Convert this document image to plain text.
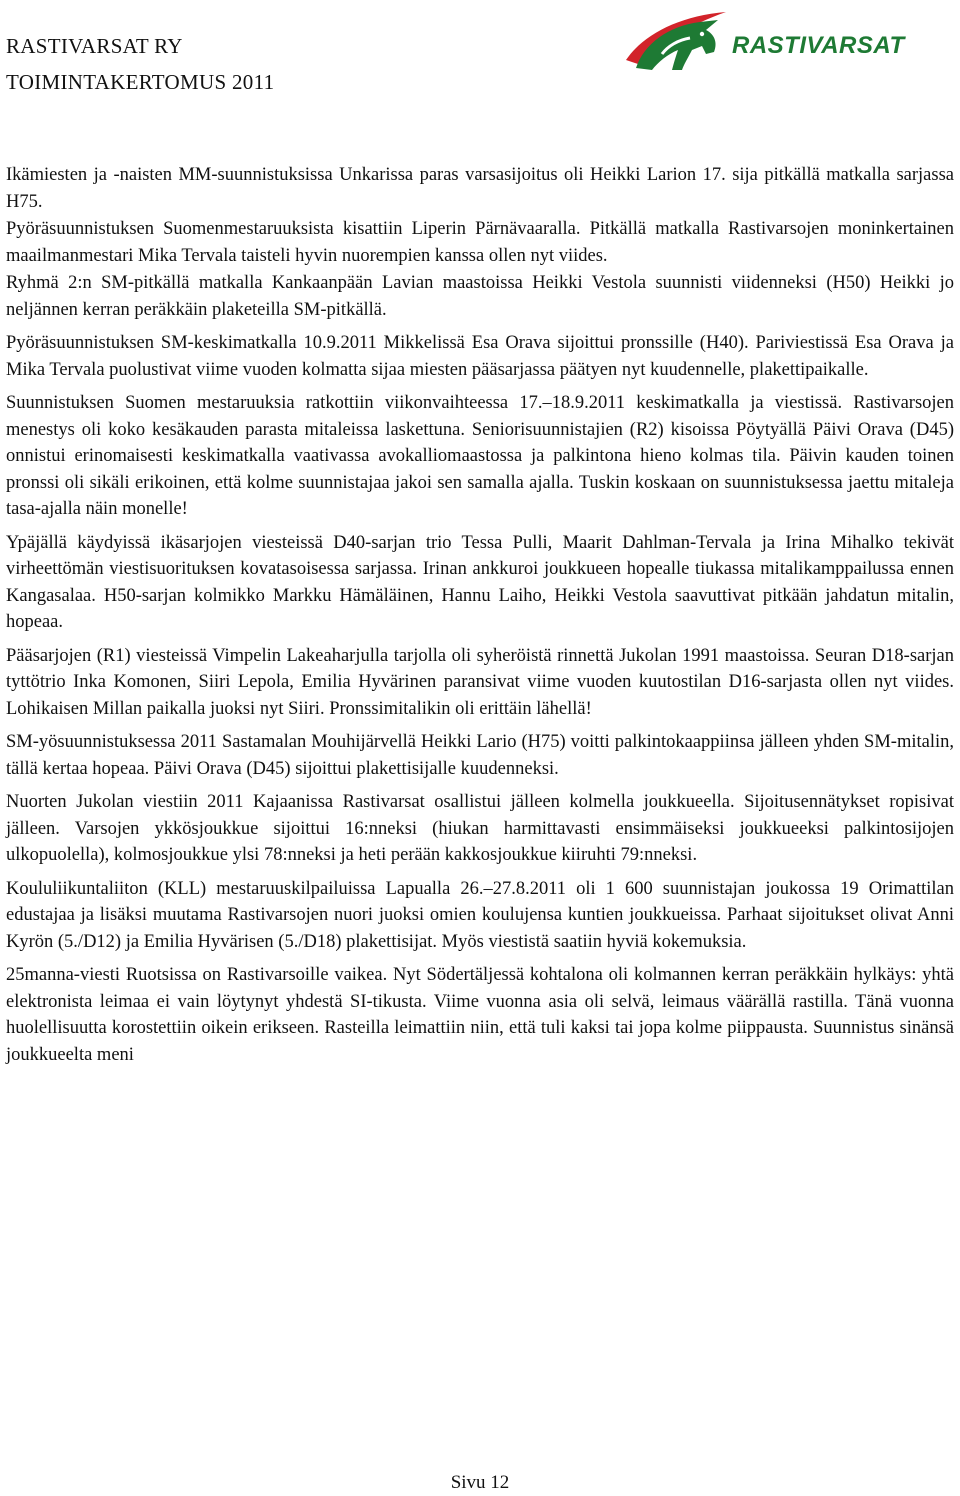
RASTIVARSAT RY
TOIMINTAKERTOMUS 2011
RASTIVARSAT

Ikämiesten ja -naisten MM-suunnistuksissa Unkarissa paras varsasijoitus oli Heikki Larion 17. sija pitkällä matkalla sarjassa H75.

Pyöräsuunnistuksen Suomenmestaruuksista kisattiin Liperin Pärnävaaralla. Pitkällä matkalla Rastivarsojen moninkertainen maailmanmestari Mika Tervala taisteli hyvin nuorempien kanssa ollen nyt viides.

Ryhmä 2:n SM-pitkällä matkalla Kankaanpään Lavian maastoissa Heikki Vestola suunnisti viidenneksi (H50) Heikki jo neljännen kerran peräkkäin plaketeilla SM-pitkällä.

Pyöräsuunnistuksen SM-keskimatkalla 10.9.2011 Mikkelissä Esa Orava sijoittui pronssille (H40). Pariviestissä Esa Orava ja Mika Tervala puolustivat viime vuoden kolmatta sijaa miesten pääsarjassa päätyen nyt kuudennelle, plakettipaikalle.

Suunnistuksen Suomen mestaruuksia ratkottiin viikonvaihteessa 17.–18.9.2011 keskimatkalla ja viestissä. Rastivarsojen menestys oli koko kesäkauden parasta mitaleissa laskettuna. Seniorisuunnistajien (R2) kisoissa Pöytyällä Päivi Orava (D45) onnistui erinomaisesti keskimatkalla vaativassa avokalliomaastossa ja palkintona hieno kolmas tila. Päivin kauden toinen pronssi oli sikäli erikoinen, että kolme suunnistajaa jakoi sen samalla ajalla. Tuskin koskaan on suunnistuksessa jaettu mitaleja tasa-ajalla näin monelle!

Ypäjällä käydyissä ikäsarjojen viesteissä D40-sarjan trio Tessa Pulli, Maarit Dahlman-Tervala ja Irina Mihalko tekivät virheettömän viestisuorituksen kovatasoisessa sarjassa. Irinan ankkuroi joukkueen hopealle tiukassa mitalikamppailussa ennen Kangasalaa. H50-sarjan kolmikko Markku Hämäläinen, Hannu Laiho, Heikki Vestola saavuttivat pitkään jahdatun mitalin, hopeaa.

Pääsarjojen (R1) viesteissä Vimpelin Lakeaharjulla tarjolla oli syheröistä rinnettä Jukolan 1991 maastoissa. Seuran D18-sarjan tyttötrio Inka Komonen, Siiri Lepola, Emilia Hyvärinen paransivat viime vuoden kuutostilan D16-sarjasta ollen nyt viides. Lohikaisen Millan paikalla juoksi nyt Siiri. Pronssimitalikin oli erittäin lähellä!

SM-yösuunnistuksessa 2011 Sastamalan Mouhijärvellä Heikki Lario (H75) voitti palkintokaappiinsa jälleen yhden SM-mitalin, tällä kertaa hopeaa. Päivi Orava (D45) sijoittui plakettisijalle kuudenneksi.

Nuorten Jukolan viestiin 2011 Kajaanissa Rastivarsat osallistui jälleen kolmella joukkueella. Sijoitusennätykset ropisivat jälleen. Varsojen ykkösjoukkue sijoittui 16:nneksi (hiukan harmittavasti ensimmäiseksi joukkueeksi palkintosijojen ulkopuolella), kolmosjoukkue ylsi 78:nneksi ja heti perään kakkosjoukkue kiiruhti 79:nneksi.

Koululiikuntaliiton (KLL) mestaruuskilpailuissa Lapualla 26.–27.8.2011 oli 1 600 suunnistajan joukossa 19 Orimattilan edustajaa ja lisäksi muutama Rastivarsojen nuori juoksi omien koulujensa kuntien joukkueissa. Parhaat sijoitukset olivat Anni Kyrön (5./D12) ja Emilia Hyvärisen (5./D18) plakettisijat. Myös viestistä saatiin hyviä kokemuksia.

25manna-viesti Ruotsissa on Rastivarsoille vaikea. Nyt Södertäljessä kohtalona oli kolmannen kerran peräkkäin hylkäys: yhtä elektronista leimaa ei vain löytynyt yhdestä SI-tikusta. Viime vuonna asia oli selvä, leimaus väärällä rastilla. Tänä vuonna huolellisuutta korostettiin oikein erikseen. Rasteilla leimattiin niin, että tuli kaksi tai jopa kolme piippausta. Suunnistus sinänsä joukkueelta meni

Sivu 12
